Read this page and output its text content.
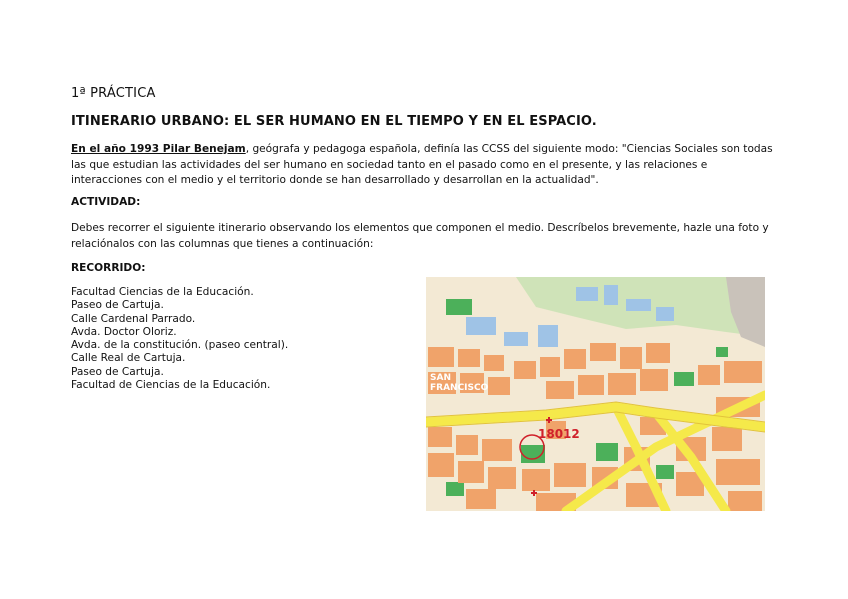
1ª PRÁCTICA
ITINERARIO URBANO: EL SER HUMANO EN EL TIEMPO Y EN EL ESPACIO.
En el año 1993 Pilar Benejam, geógrafa y pedagoga española, definía las CCSS del siguiente modo: "Ciencias Sociales son todas las que estudian las actividades del ser humano en sociedad tanto en el pasado como en el presente, y las relaciones e interacciones con el medio y el territorio donde se han desarrollado y desarrollan en la actualidad".
ACTIVIDAD:
Debes recorrer el siguiente itinerario observando los elementos que componen el medio. Descríbelos brevemente, hazle una foto y relaciónalos con las columnas que tienes a continuación:
RECORRIDO:
Facultad Ciencias de la Educación.
Paseo de Cartuja.
Calle Cardenal Parrado.
Avda. Doctor Oloriz.
Avda. de la constitución. (paseo central).
Calle Real de Cartuja.
Paseo de Cartuja.
Facultad de Ciencias de la Educación.
SAN
FRANCISCO
18012
